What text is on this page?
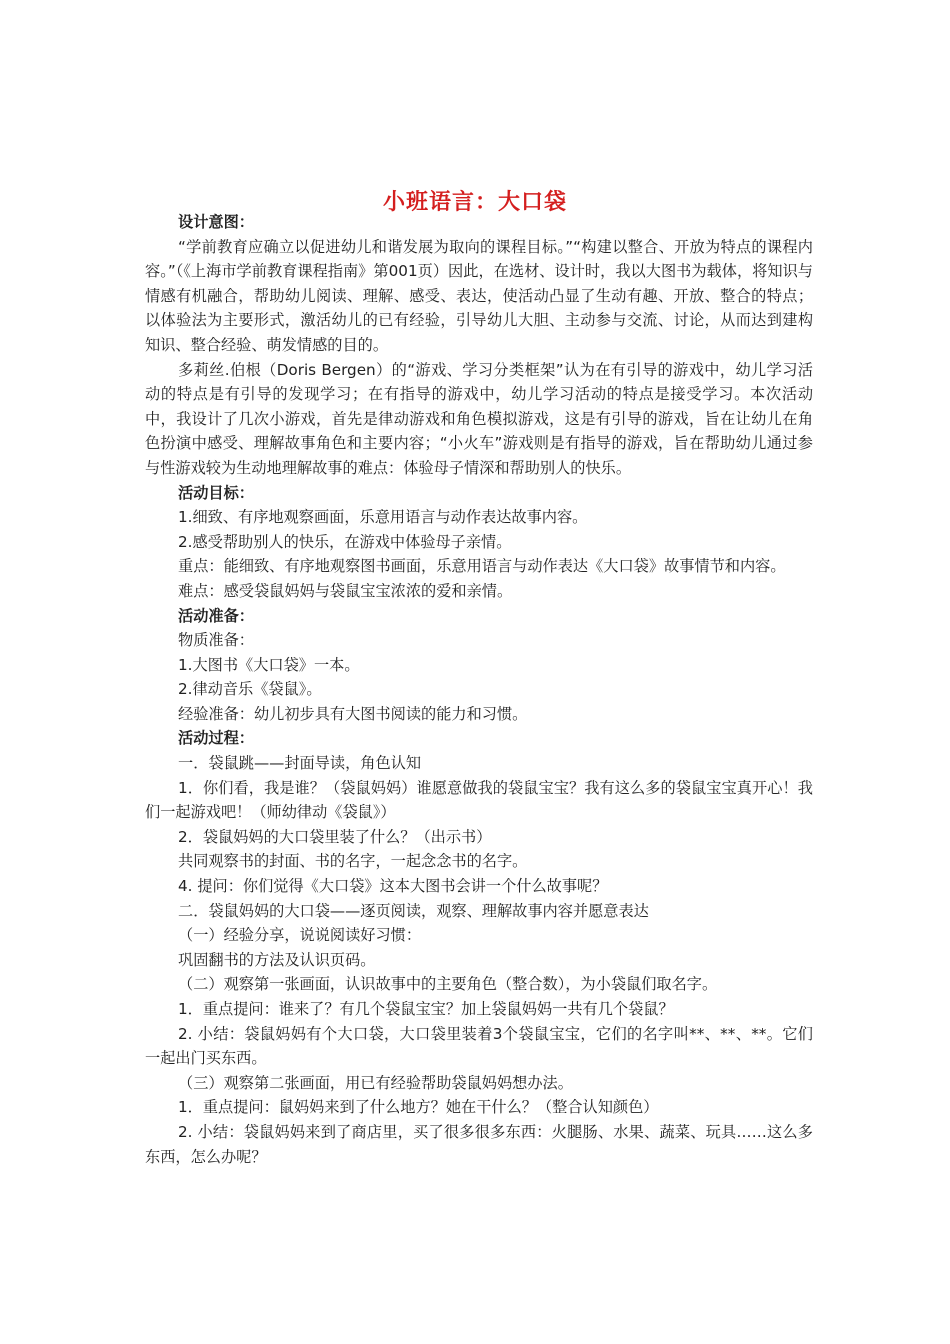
小班语言：大口袋

设计意图：

“学前教育应确立以促进幼儿和谐发展为取向的课程目标。”“构建以整合、开放为特点的课程内容。”（《上海市学前教育课程指南》第001页）因此，在选材、设计时，我以大图书为载体，将知识与情感有机融合，帮助幼儿阅读、理解、感受、表达，使活动凸显了生动有趣、开放、整合的特点；以体验法为主要形式，激活幼儿的已有经验，引导幼儿大胆、主动参与交流、讨论，从而达到建构知识、整合经验、萌发情感的目的。

多莉丝.伯根（Doris Bergen）的“游戏、学习分类框架”认为在有引导的游戏中，幼儿学习活动的特点是有引导的发现学习；在有指导的游戏中，幼儿学习活动的特点是接受学习。本次活动中，我设计了几次小游戏，首先是律动游戏和角色模拟游戏，这是有引导的游戏，旨在让幼儿在角色扮演中感受、理解故事角色和主要内容；“小火车”游戏则是有指导的游戏，旨在帮助幼儿通过参与性游戏较为生动地理解故事的难点：体验母子情深和帮助别人的快乐。

活动目标：

1.细致、有序地观察画面，乐意用语言与动作表达故事内容。

2.感受帮助别人的快乐，在游戏中体验母子亲情。

重点：能细致、有序地观察图书画面，乐意用语言与动作表达《大口袋》故事情节和内容。

难点：感受袋鼠妈妈与袋鼠宝宝浓浓的爱和亲情。

活动准备：

物质准备：

1.大图书《大口袋》一本。

2.律动音乐《袋鼠》。

经验准备：幼儿初步具有大图书阅读的能力和习惯。

活动过程：

一．袋鼠跳——封面导读，角色认知

1．你们看，我是谁？（袋鼠妈妈）谁愿意做我的袋鼠宝宝？我有这么多的袋鼠宝宝真开心！我们一起游戏吧！（师幼律动《袋鼠》）

2．袋鼠妈妈的大口袋里装了什么？（出示书）

共同观察书的封面、书的名字，一起念念书的名字。

4. 提问：你们觉得《大口袋》这本大图书会讲一个什么故事呢？

二．袋鼠妈妈的大口袋——逐页阅读，观察、理解故事内容并愿意表达

（一）经验分享，说说阅读好习惯：

巩固翻书的方法及认识页码。

（二）观察第一张画面，认识故事中的主要角色（整合数），为小袋鼠们取名字。

1．重点提问：谁来了？有几个袋鼠宝宝？加上袋鼠妈妈一共有几个袋鼠？

2. 小结：袋鼠妈妈有个大口袋，大口袋里装着3个袋鼠宝宝，它们的名字叫**、**、**。它们一起出门买东西。

（三）观察第二张画面，用已有经验帮助袋鼠妈妈想办法。

1．重点提问：鼠妈妈来到了什么地方？她在干什么？（整合认知颜色）

2. 小结：袋鼠妈妈来到了商店里，买了很多很多东西：火腿肠、水果、蔬菜、玩具……这么多东西，怎么办呢？
